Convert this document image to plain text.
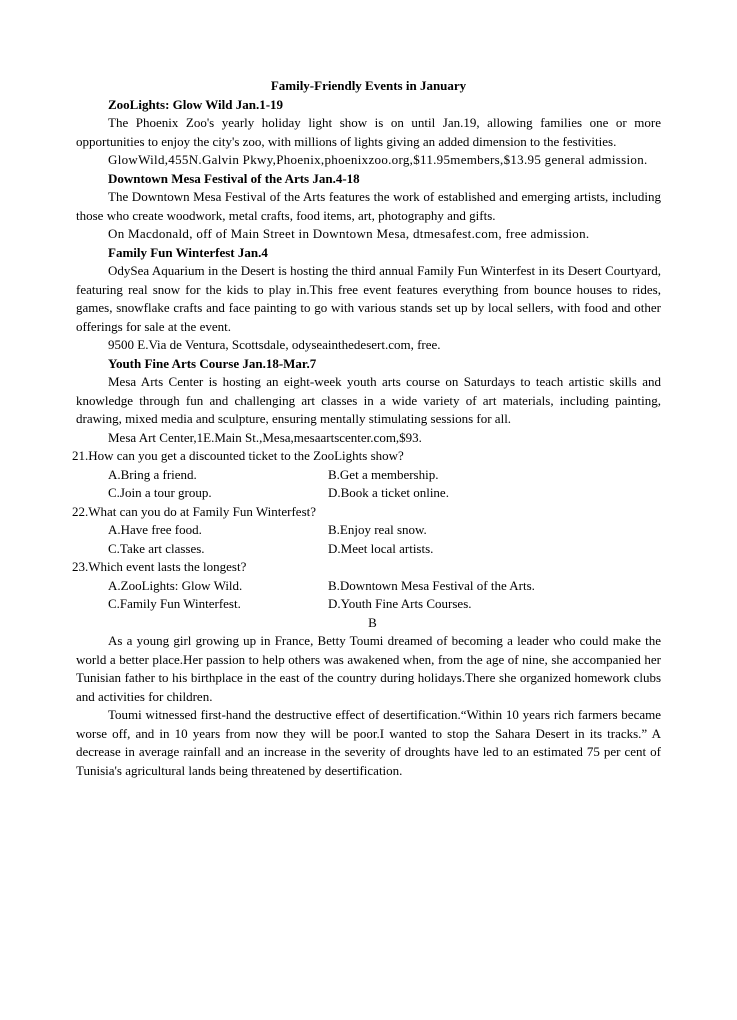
Family-Friendly Events in January

ZooLights: Glow Wild Jan.1-19

The Phoenix Zoo's yearly holiday light show is on until Jan.19, allowing families one or more opportunities to enjoy the city's zoo, with millions of lights giving an added dimension to the festivities.

GlowWild,455N.Galvin Pkwy,Phoenix,phoenixzoo.org,$11.95members,$13.95 general admission.

Downtown Mesa Festival of the Arts Jan.4-18

The Downtown Mesa Festival of the Arts features the work of established and emerging artists, including those who create woodwork, metal crafts, food items, art, photography and gifts.

On Macdonald, off of Main Street in Downtown Mesa, dtmesafest.com, free admission.

Family Fun Winterfest Jan.4

OdySea Aquarium in the Desert is hosting the third annual Family Fun Winterfest in its Desert Courtyard, featuring real snow for the kids to play in.This free event features everything from bounce houses to rides, games, snowflake crafts and face painting to go with various stands set up by local sellers, with food and other offerings for sale at the event.

9500 E.Via de Ventura, Scottsdale, odyseainthedesert.com, free.

Youth Fine Arts Course Jan.18-Mar.7

Mesa Arts Center is hosting an eight-week youth arts course on Saturdays to teach artistic skills and knowledge through fun and challenging art classes in a wide variety of art materials, including painting, drawing, mixed media and sculpture, ensuring mentally stimulating sessions for all.

Mesa Art Center,1E.Main St.,Mesa,mesaartscenter.com,$93.

21.How can you get a discounted ticket to the ZooLights show?

A.Bring a friend.	B.Get a membership.
C.Join a tour group.	D.Book a ticket online.

22.What can you do at Family Fun Winterfest?

A.Have free food.	B.Enjoy real snow.
C.Take art classes.	D.Meet local artists.

23.Which event lasts the longest?

A.ZooLights: Glow Wild.	B.Downtown Mesa Festival of the Arts.
C.Family Fun Winterfest.	D.Youth Fine Arts Courses.

B

As a young girl growing up in France, Betty Toumi dreamed of becoming a leader who could make the world a better place.Her passion to help others was awakened when, from the age of nine, she accompanied her Tunisian father to his birthplace in the east of the country during holidays.There she organized homework clubs and activities for children.

Toumi witnessed first-hand the destructive effect of desertification.“Within 10 years rich farmers became worse off, and in 10 years from now they will be poor.I wanted to stop the Sahara Desert in its tracks.” A decrease in average rainfall and an increase in the severity of droughts have led to an estimated 75 per cent of Tunisia's agricultural lands being threatened by desertification.
